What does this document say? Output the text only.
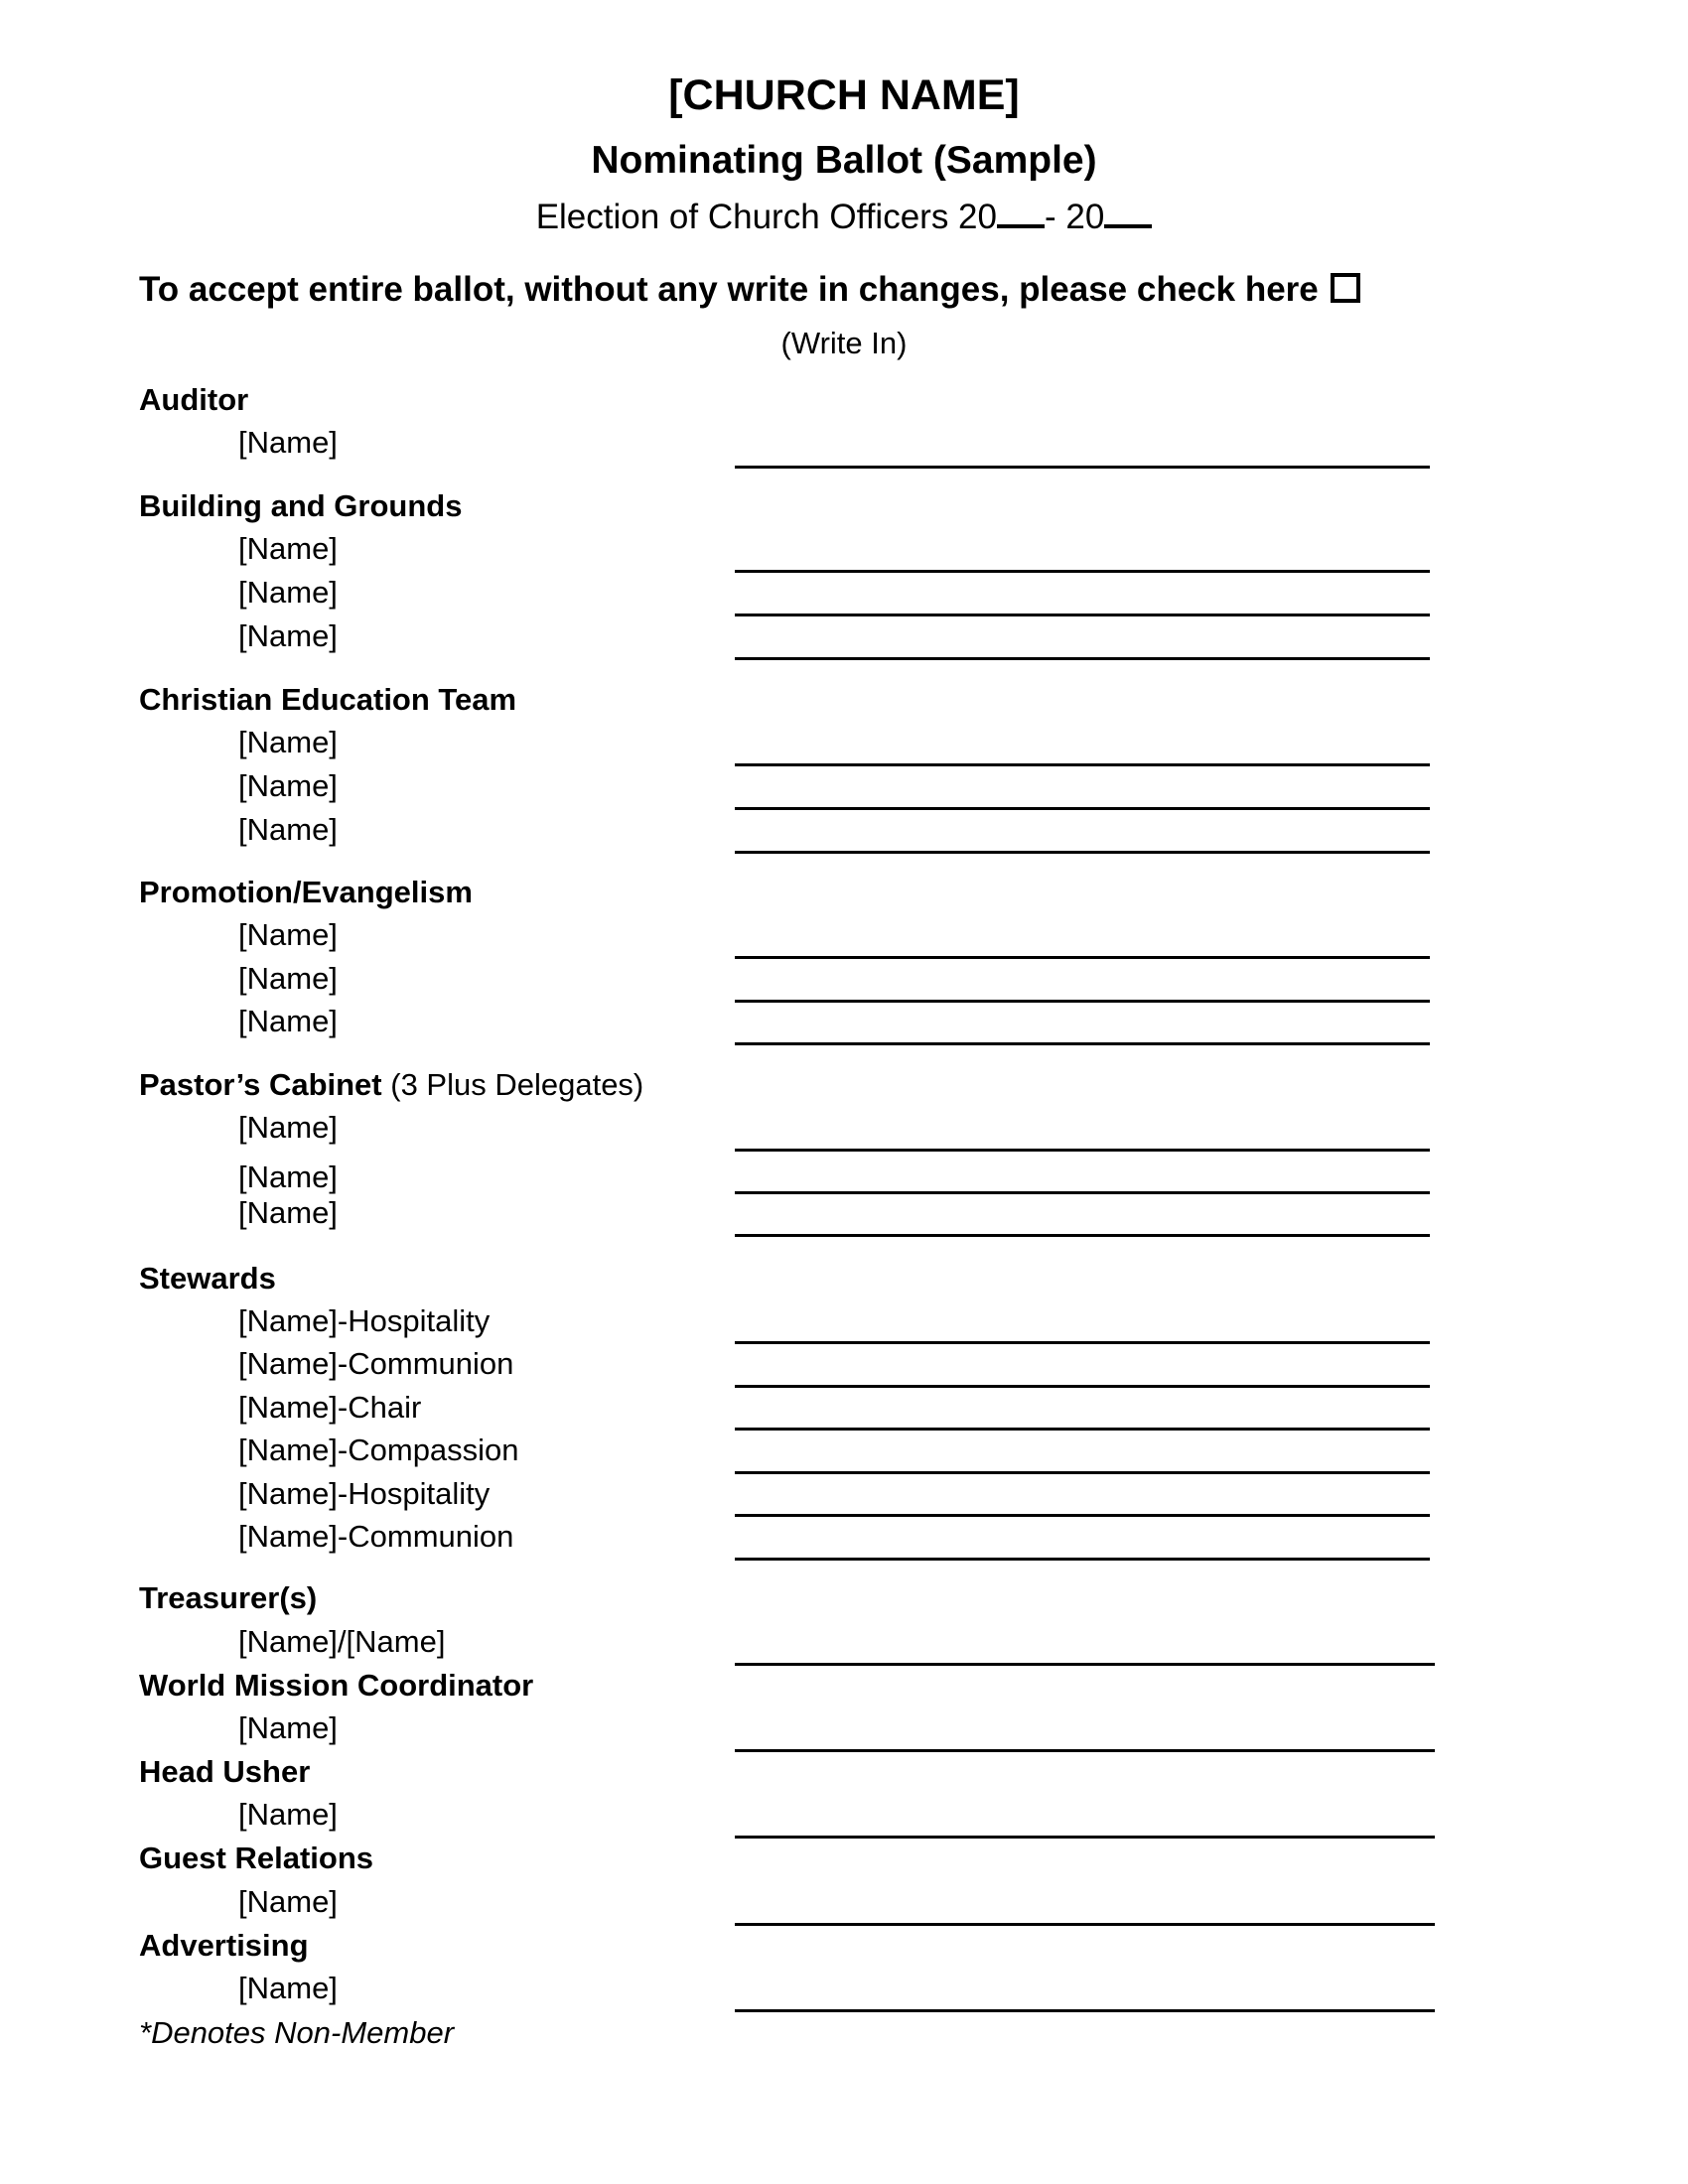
[CHURCH NAME]
Nominating Ballot (Sample)
Election of Church Officers 20 - 20
To accept entire ballot, without any write in changes, please check here
(Write In)
Auditor
[Name]
Building and Grounds
[Name]
[Name]
[Name]
Christian Education Team
[Name]
[Name]
[Name]
Promotion/Evangelism
[Name]
[Name]
[Name]
Pastor’s Cabinet (3 Plus Delegates)
[Name]
[Name]
[Name]
Stewards
[Name]-Hospitality
[Name]-Communion
[Name]-Chair
[Name]-Compassion
[Name]-Hospitality
[Name]-Communion
Treasurer(s)
[Name]/[Name]
World Mission Coordinator
[Name]
Head Usher
[Name]
Guest Relations
[Name]
Advertising
[Name]
*Denotes Non-Member
